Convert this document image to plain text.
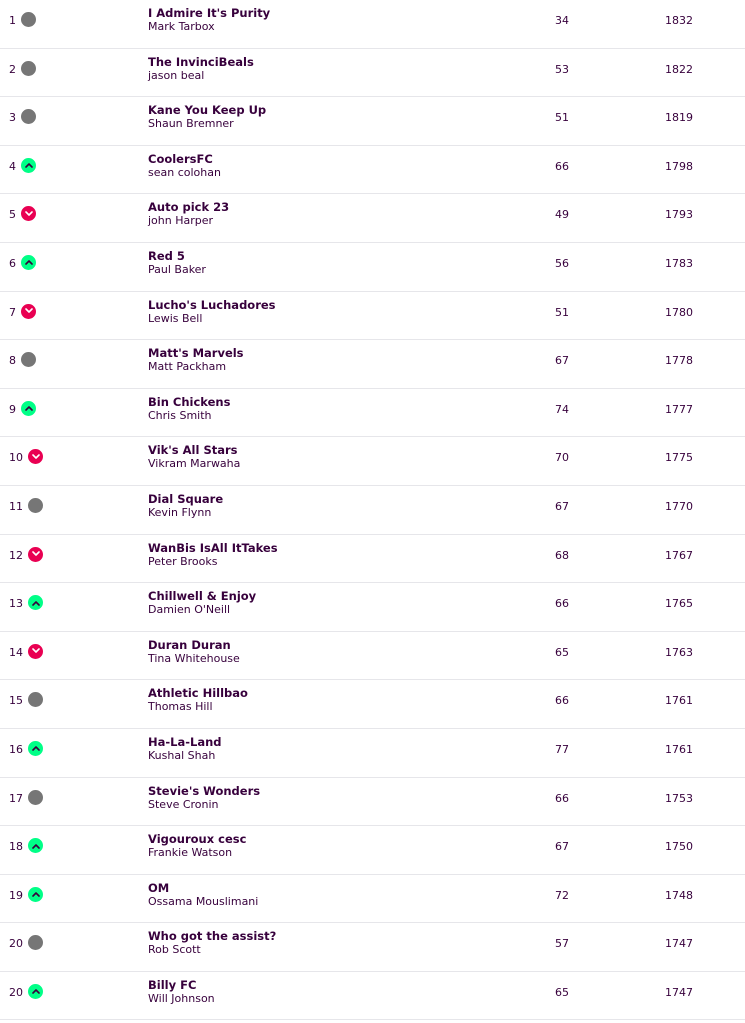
1
I Admire It's Purity
Mark Tarbox	34	1832
2
The InvinciBeals
jason beal	53	1822
3
Kane You Keep Up
Shaun Bremner	51	1819
4
CoolersFC
sean colohan	66	1798
5
Auto pick 23
john Harper	49	1793
6
Red 5
Paul Baker	56	1783
7
Lucho's Luchadores
Lewis Bell	51	1780
8
Matt's Marvels
Matt Packham	67	1778
9
Bin Chickens
Chris Smith	74	1777
10
Vik's All Stars
Vikram Marwaha	70	1775
11
Dial Square
Kevin Flynn	67	1770
12
WanBis IsAll ItTakes
Peter Brooks	68	1767
13
Chillwell & Enjoy
Damien O'Neill	66	1765
14
Duran Duran
Tina Whitehouse	65	1763
15
Athletic Hillbao
Thomas Hill	66	1761
16
Ha-La-Land
Kushal Shah	77	1761
17
Stevie's Wonders
Steve Cronin	66	1753
18
Vigouroux cesc
Frankie Watson	67	1750
19
OM
Ossama Mouslimani	72	1748
20
Who got the assist?
Rob Scott	57	1747
20
Billy FC
Will Johnson	65	1747
